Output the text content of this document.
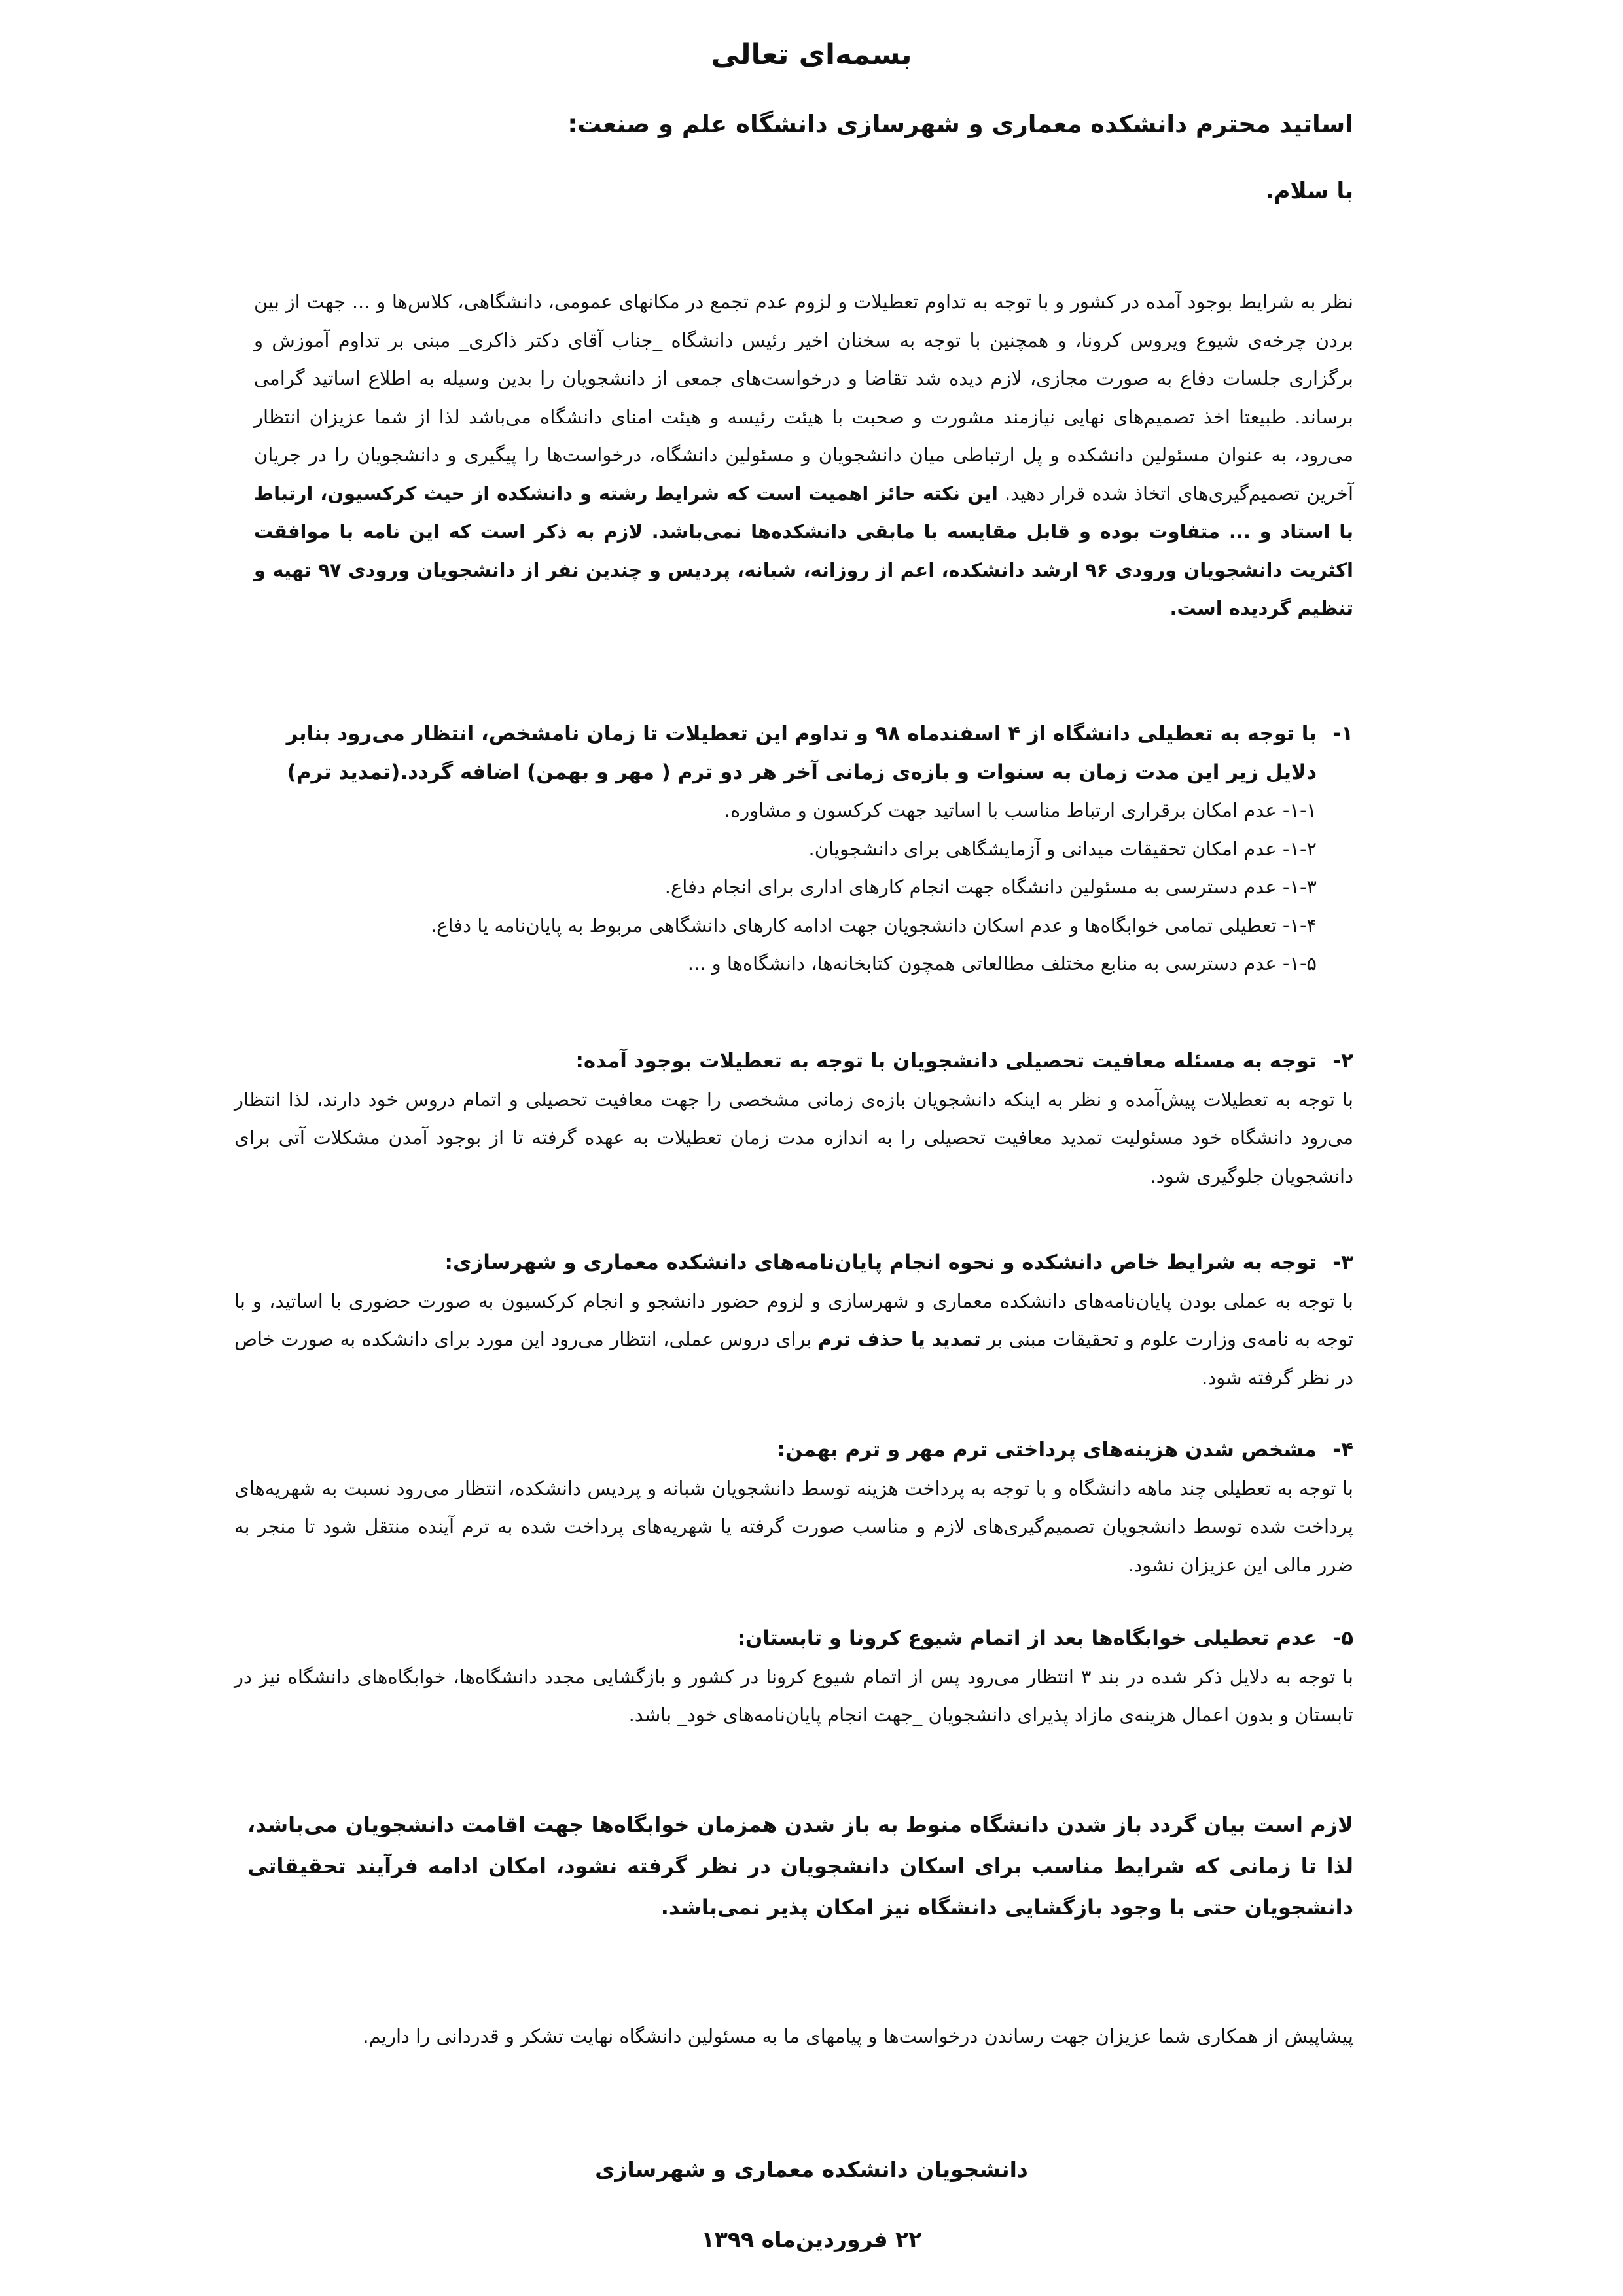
بسمه‌ای تعالی
اساتید محترم دانشکده معماری و شهرسازی دانشگاه علم و صنعت:
با سلام.

نظر به شرایط بوجود آمده در کشور و با توجه به تداوم تعطیلات و لزوم عدم تجمع در مکانهای عمومی، دانشگاهی، کلاس‌ها و ... جهت از بین بردن چرخه‌ی شیوع ویروس کرونا، و همچنین با توجه به سخنان اخیر رئیس دانشگاه _جناب آقای دکتر ذاکری_ مبنی بر تداوم آموزش و برگزاری جلسات دفاع به صورت مجازی، لازم دیده شد تقاضا و درخواست‌های جمعی از دانشجویان را بدین وسیله به اطلاع اساتید گرامی برساند. طبیعتا اخذ تصمیم‌های نهایی نیازمند مشورت و صحبت با هیئت رئیسه و هیئت امنای دانشگاه می‌باشد لذا از شما عزیزان انتظار می‌رود، به عنوان مسئولین دانشکده و پل ارتباطی میان دانشجویان و مسئولین دانشگاه، درخواست‌ها را پیگیری و دانشجویان را در جریان آخرین تصمیم‌گیری‌های اتخاذ شده قرار دهید. این نکته حائز اهمیت است که شرایط رشته و دانشکده از حیث کرکسیون، ارتباط با استاد و ... متفاوت بوده و قابل مقایسه با مابقی دانشکده‌ها نمی‌باشد. لازم به ذکر است که این نامه با موافقت اکثریت دانشجویان ورودی ۹۶ ارشد دانشکده، اعم از روزانه، شبانه، پردیس و چندین نفر از دانشجویان ورودی ۹۷ تهیه و تنظیم گردیده است.

۱-
با توجه به تعطیلی دانشگاه از ۴ اسفندماه ۹۸ و تداوم این تعطیلات تا زمان نامشخص، انتظار می‌رود بنابر دلایل زیر این مدت زمان به سنوات و بازه‌ی زمانی آخر هر دو ترم ( مهر و بهمن) اضافه گردد.(تمدید ترم)
۱-۱- عدم امکان برقراری ارتباط مناسب با اساتید جهت کرکسون و مشاوره.
۱-۲- عدم امکان تحقیقات میدانی و آزمایشگاهی برای دانشجویان.
۱-۳- عدم دسترسی به مسئولین دانشگاه جهت انجام کارهای اداری برای انجام دفاع.
۱-۴- تعطیلی تمامی خوابگاه‌ها و عدم اسکان دانشجویان جهت ادامه کارهای دانشگاهی مربوط به پایان‌نامه یا دفاع.
۱-۵- عدم دسترسی به منابع مختلف مطالعاتی همچون کتابخانه‌ها، دانشگاه‌ها و ...
۲-
توجه به مسئله معافیت تحصیلی دانشجویان با توجه به تعطیلات بوجود آمده:

با توجه به تعطیلات پیش‌آمده و نظر به اینکه دانشجویان بازه‌ی زمانی مشخصی را جهت معافیت تحصیلی و اتمام دروس خود دارند، لذا انتظار می‌رود دانشگاه خود مسئولیت تمدید معافیت تحصیلی را به اندازه مدت زمان تعطیلات به عهده گرفته تا از بوجود آمدن مشکلات آتی برای دانشجویان جلوگیری شود.

۳-
توجه به شرایط خاص دانشکده و نحوه انجام پایان‌نامه‌های دانشکده معماری و شهرسازی:

با توجه به عملی بودن پایان‌نامه‌های دانشکده معماری و شهرسازی و لزوم حضور دانشجو و انجام کرکسیون به صورت حضوری با اساتید، و با توجه به نامه‌ی وزارت علوم و تحقیقات مبنی بر تمدید یا حذف ترم برای دروس عملی، انتظار می‌رود این مورد برای دانشکده به صورت خاص در نظر گرفته شود.

۴-
مشخص شدن هزینه‌های پرداختی ترم مهر و ترم بهمن:

با توجه به تعطیلی چند ماهه دانشگاه و با توجه به پرداخت هزینه توسط دانشجویان شبانه و پردیس دانشکده، انتظار می‌رود نسبت به شهریه‌های پرداخت شده توسط دانشجویان تصمیم‌گیری‌های لازم و مناسب صورت گرفته یا شهریه‌های پرداخت شده به ترم آینده منتقل شود تا منجر به ضرر مالی این عزیزان نشود.

۵-
عدم تعطیلی خوابگاه‌ها بعد از اتمام شیوع کرونا و تابستان:

با توجه به دلایل ذکر شده در بند ۳ انتظار می‌رود پس از اتمام شیوع کرونا در کشور و بازگشایی مجدد دانشگاه‌ها، خوابگاه‌های دانشگاه نیز در تابستان و بدون اعمال هزینه‌ی مازاد پذیرای دانشجویان _جهت انجام پایان‌نامه‌های خود_ باشد.

لازم است بیان گردد باز شدن دانشگاه منوط به باز شدن همزمان خوابگاه‌ها جهت اقامت دانشجویان می‌باشد، لذا تا زمانی که شرایط مناسب برای اسکان دانشجویان در نظر گرفته نشود، امکان ادامه فرآیند تحقیقاتی دانشجویان حتی با وجود بازگشایی دانشگاه نیز امکان پذیر نمی‌باشد.
پیشاپیش از همکاری شما عزیزان جهت رساندن درخواست‌ها و پیامهای ما به مسئولین دانشگاه نهایت تشکر و قدردانی را داریم.
دانشجویان دانشکده معماری و شهرسازی
۲۲ فروردین‌ماه ۱۳۹۹
